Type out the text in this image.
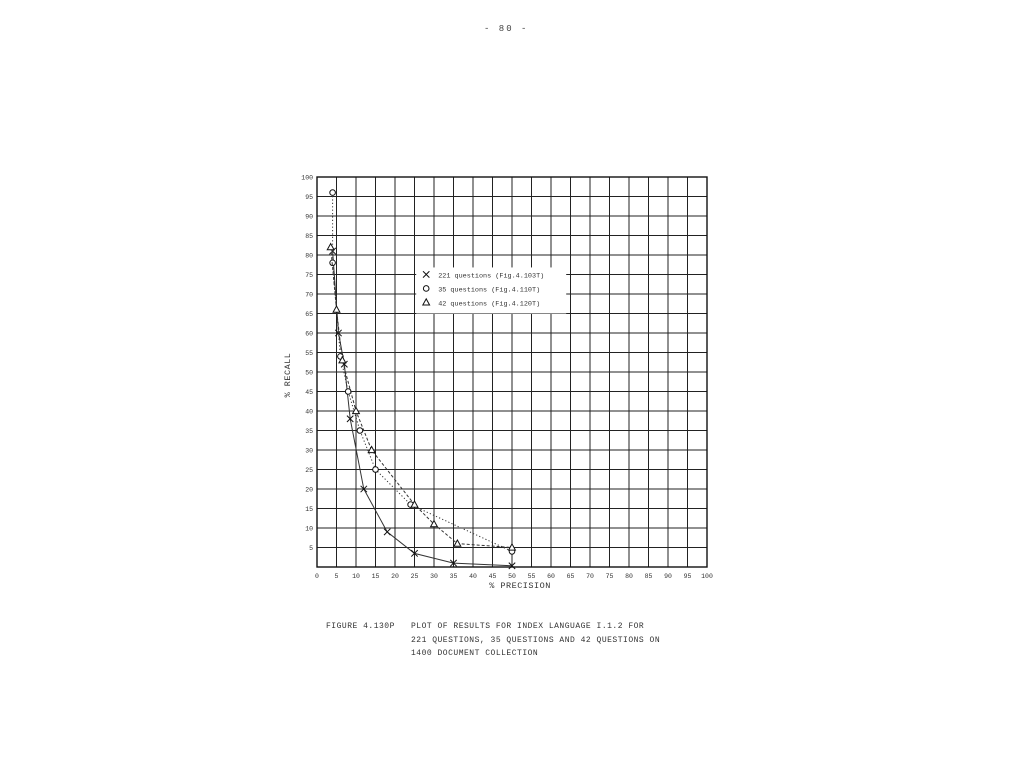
- 80 -
0 5 10 15 20 25 30 35 40 45 50 55 60 65 70 75 80 85 90 95 100
5
10
15
20
25
30
35
40
45
50
55
60
65
70
75
80
85
90
95
100
221 questions (Fig.4.103T)
35 questions (Fig.4.110T)
42 questions (Fig.4.120T)
% PRECISION
% RECALL
FIGURE 4.130P	PLOT OF RESULTS FOR INDEX LANGUAGE I.1.2 FOR
221 QUESTIONS, 35 QUESTIONS AND 42 QUESTIONS ON
1400 DOCUMENT COLLECTION
